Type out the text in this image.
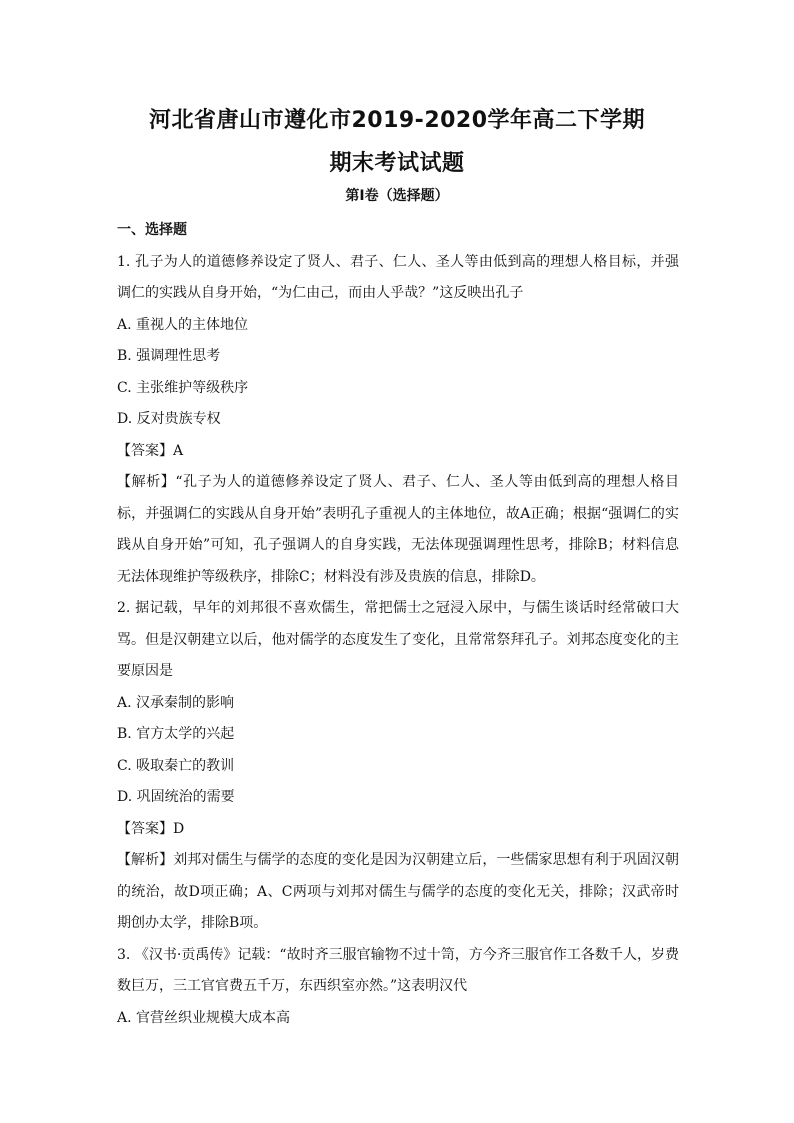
河北省唐山市遵化市2019-2020学年高二下学期
期末考试试题
第Ⅰ卷（选择题）

一、选择题

1. 孔子为人的道德修养设定了贤人、君子、仁人、圣人等由低到高的理想人格目标，并强调仁的实践从自身开始，“为仁由己，而由人乎哉？”这反映出孔子

A. 重视人的主体地位

B. 强调理性思考

C. 主张维护等级秩序

D. 反对贵族专权

【答案】A

【解析】“孔子为人的道德修养设定了贤人、君子、仁人、圣人等由低到高的理想人格目标，并强调仁的实践从自身开始”表明孔子重视人的主体地位，故A正确；根据“强调仁的实践从自身开始”可知，孔子强调人的自身实践，无法体现强调理性思考，排除B；材料信息无法体现维护等级秩序，排除C；材料没有涉及贵族的信息，排除D。

2. 据记载，早年的刘邦很不喜欢儒生，常把儒士之冠浸入尿中，与儒生谈话时经常破口大骂。但是汉朝建立以后，他对儒学的态度发生了变化，且常常祭拜孔子。刘邦态度变化的主要原因是

A. 汉承秦制的影响

B. 官方太学的兴起

C. 吸取秦亡的教训

D. 巩固统治的需要

【答案】D

【解析】刘邦对儒生与儒学的态度的变化是因为汉朝建立后，一些儒家思想有利于巩固汉朝的统治，故D项正确；A、C两项与刘邦对儒生与儒学的态度的变化无关，排除；汉武帝时期创办太学，排除B项。

3. 《汉书·贡禹传》记载：“故时齐三服官输物不过十笥，方今齐三服官作工各数千人，岁费数巨万，三工官官费五千万，东西织室亦然。”这表明汉代

A. 官营丝织业规模大成本高
